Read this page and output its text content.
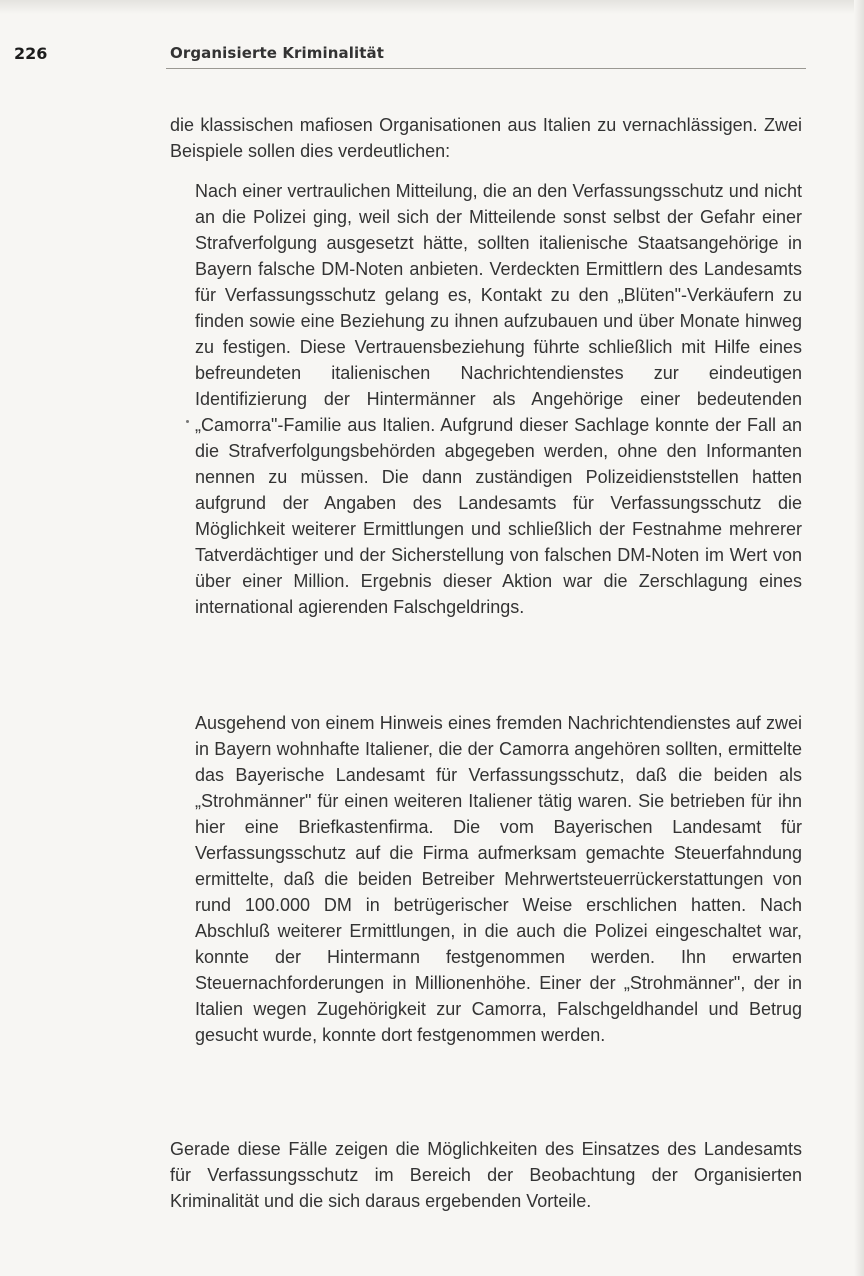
226	Organisierte Kriminalität

die klassischen mafiosen Organisationen aus Italien zu vernachlässigen. Zwei Beispiele sollen dies verdeutlichen:

Nach einer vertraulichen Mitteilung, die an den Verfassungsschutz und nicht an die Polizei ging, weil sich der Mitteilende sonst selbst der Gefahr einer Strafverfolgung ausgesetzt hätte, sollten italienische Staatsangehörige in Bayern falsche DM-Noten anbieten. Verdeckten Ermittlern des Landesamts für Verfassungsschutz gelang es, Kontakt zu den „Blüten"-Verkäufern zu finden sowie eine Beziehung zu ihnen aufzubauen und über Monate hinweg zu festigen. Diese Vertrauensbeziehung führte schließlich mit Hilfe eines befreundeten italienischen Nachrichtendienstes zur eindeutigen Identifizierung der Hintermänner als Angehörige einer bedeutenden „Camorra"-Familie aus Italien. Aufgrund dieser Sachlage konnte der Fall an die Strafverfolgungsbehörden abgegeben werden, ohne den Informanten nennen zu müssen. Die dann zuständigen Polizeidienststellen hatten aufgrund der Angaben des Landesamts für Verfassungsschutz die Möglichkeit weiterer Ermittlungen und schließlich der Festnahme mehrerer Tatverdächtiger und der Sicherstellung von falschen DM-Noten im Wert von über einer Million. Ergebnis dieser Aktion war die Zerschlagung eines international agierenden Falschgeldrings.

Ausgehend von einem Hinweis eines fremden Nachrichtendienstes auf zwei in Bayern wohnhafte Italiener, die der Camorra angehören sollten, ermittelte das Bayerische Landesamt für Verfassungsschutz, daß die beiden als „Strohmänner" für einen weiteren Italiener tätig waren. Sie betrieben für ihn hier eine Briefkastenfirma. Die vom Bayerischen Landesamt für Verfassungsschutz auf die Firma aufmerksam gemachte Steuerfahndung ermittelte, daß die beiden Betreiber Mehrwertsteuerrückerstattungen von rund 100.000 DM in betrügerischer Weise erschlichen hatten. Nach Abschluß weiterer Ermittlungen, in die auch die Polizei eingeschaltet war, konnte der Hintermann festgenommen werden. Ihn erwarten Steuernachforderungen in Millionenhöhe. Einer der „Strohmänner", der in Italien wegen Zugehörigkeit zur Camorra, Falschgeldhandel und Betrug gesucht wurde, konnte dort festgenommen werden.

Gerade diese Fälle zeigen die Möglichkeiten des Einsatzes des Landesamts für Verfassungsschutz im Bereich der Beobachtung der Organisierten Kriminalität und die sich daraus ergebenden Vorteile.
